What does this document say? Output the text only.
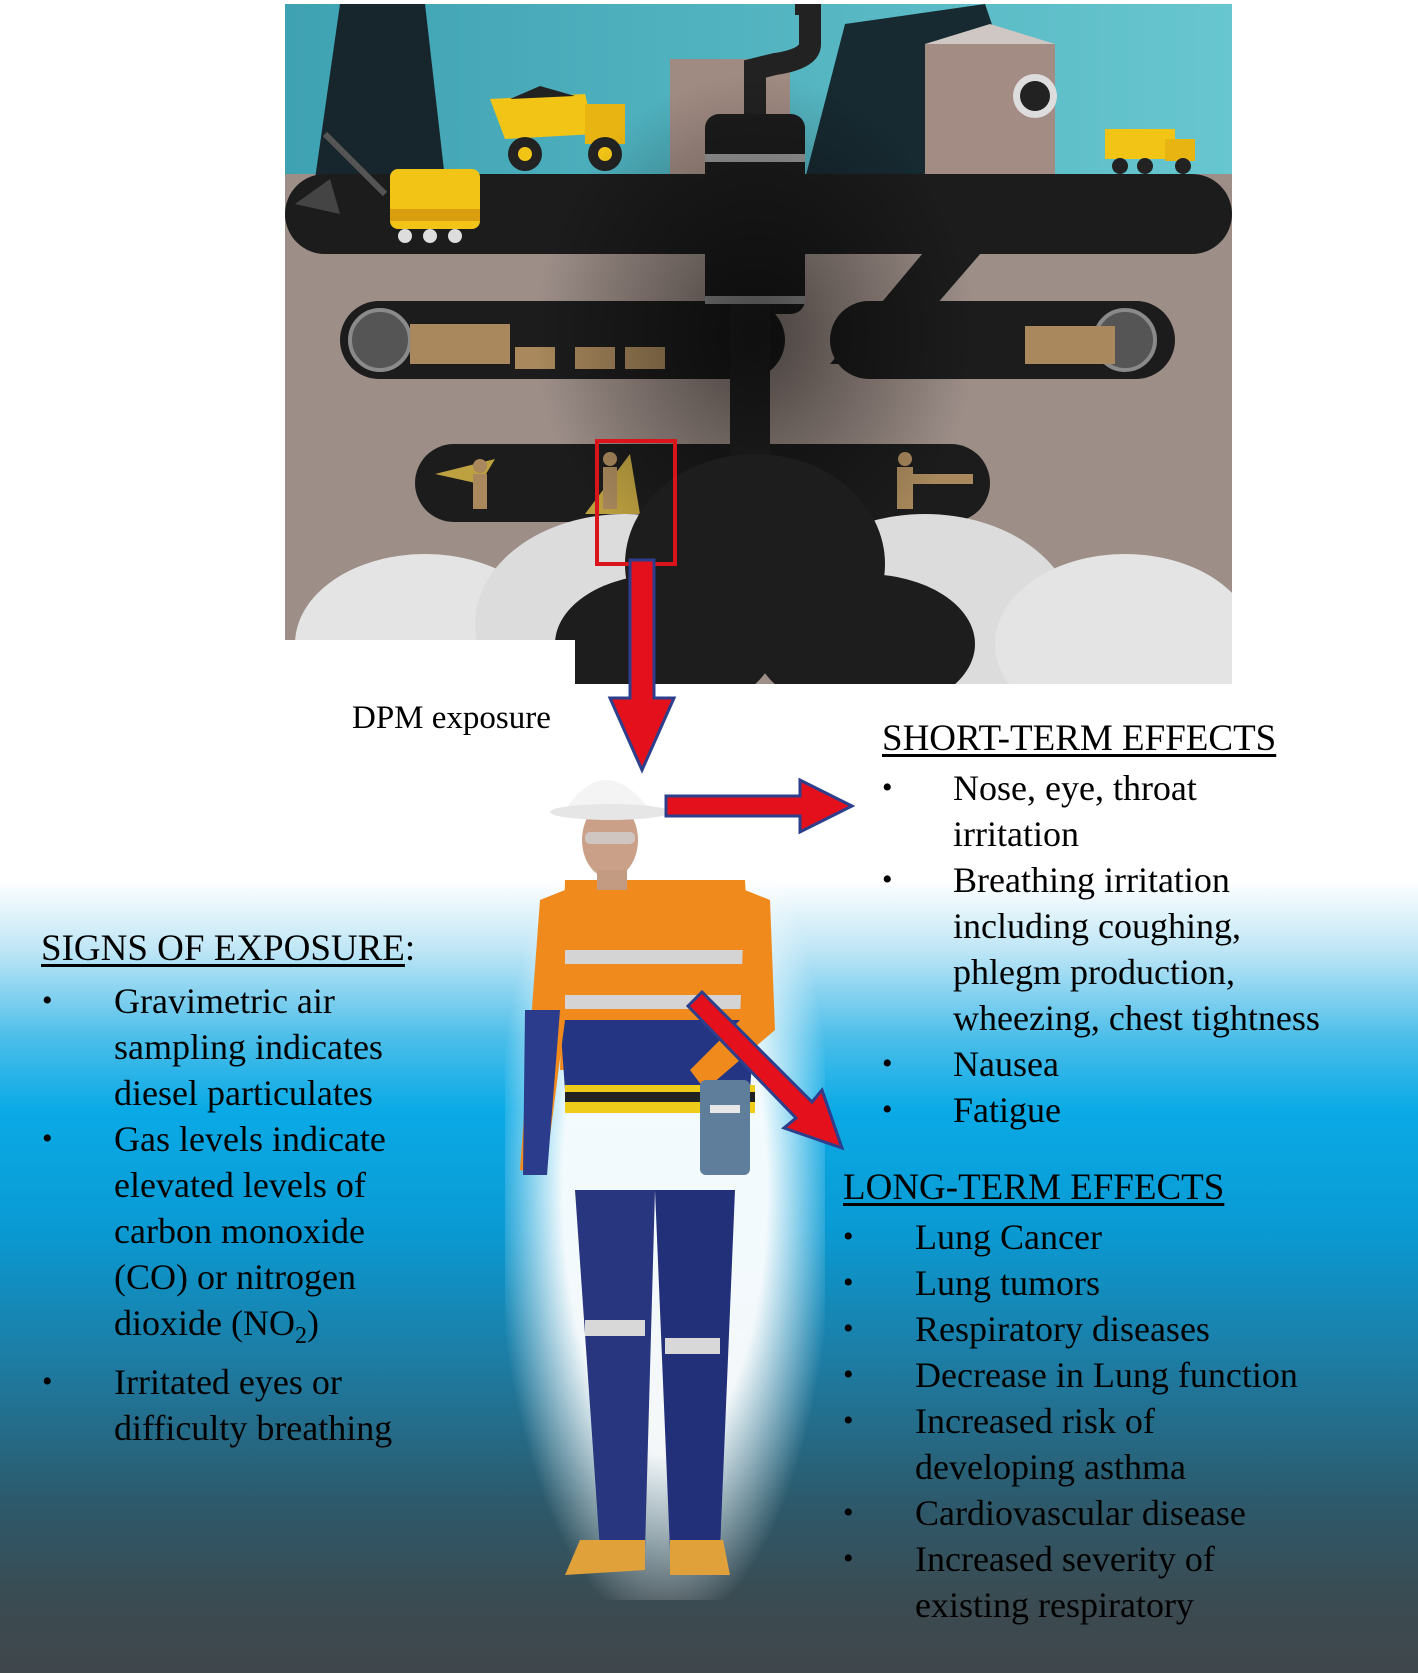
DPM exposure
SIGNS OF EXPOSURE:
• Gravimetric air
sampling indicates
diesel particulates
• Gas levels indicate
elevated levels of
carbon monoxide
(CO) or nitrogen
dioxide $(NO_2)$
• Irritated eyes or
difficulty breathing
SHORT-TERM EFFECTS
• Nose, eye, throat
irritation
• Breathing irritation
including coughing,
phlegm production,
wheezing, chest tightness
• Nausea
• Fatigue
LONG-TERM EFFECTS
• Lung Cancer
• Lung tumors
• Respiratory diseases
• Decrease in Lung function
• Increased risk of
developing asthma
• Cardiovascular disease
• Increased severity of
existing respiratory
